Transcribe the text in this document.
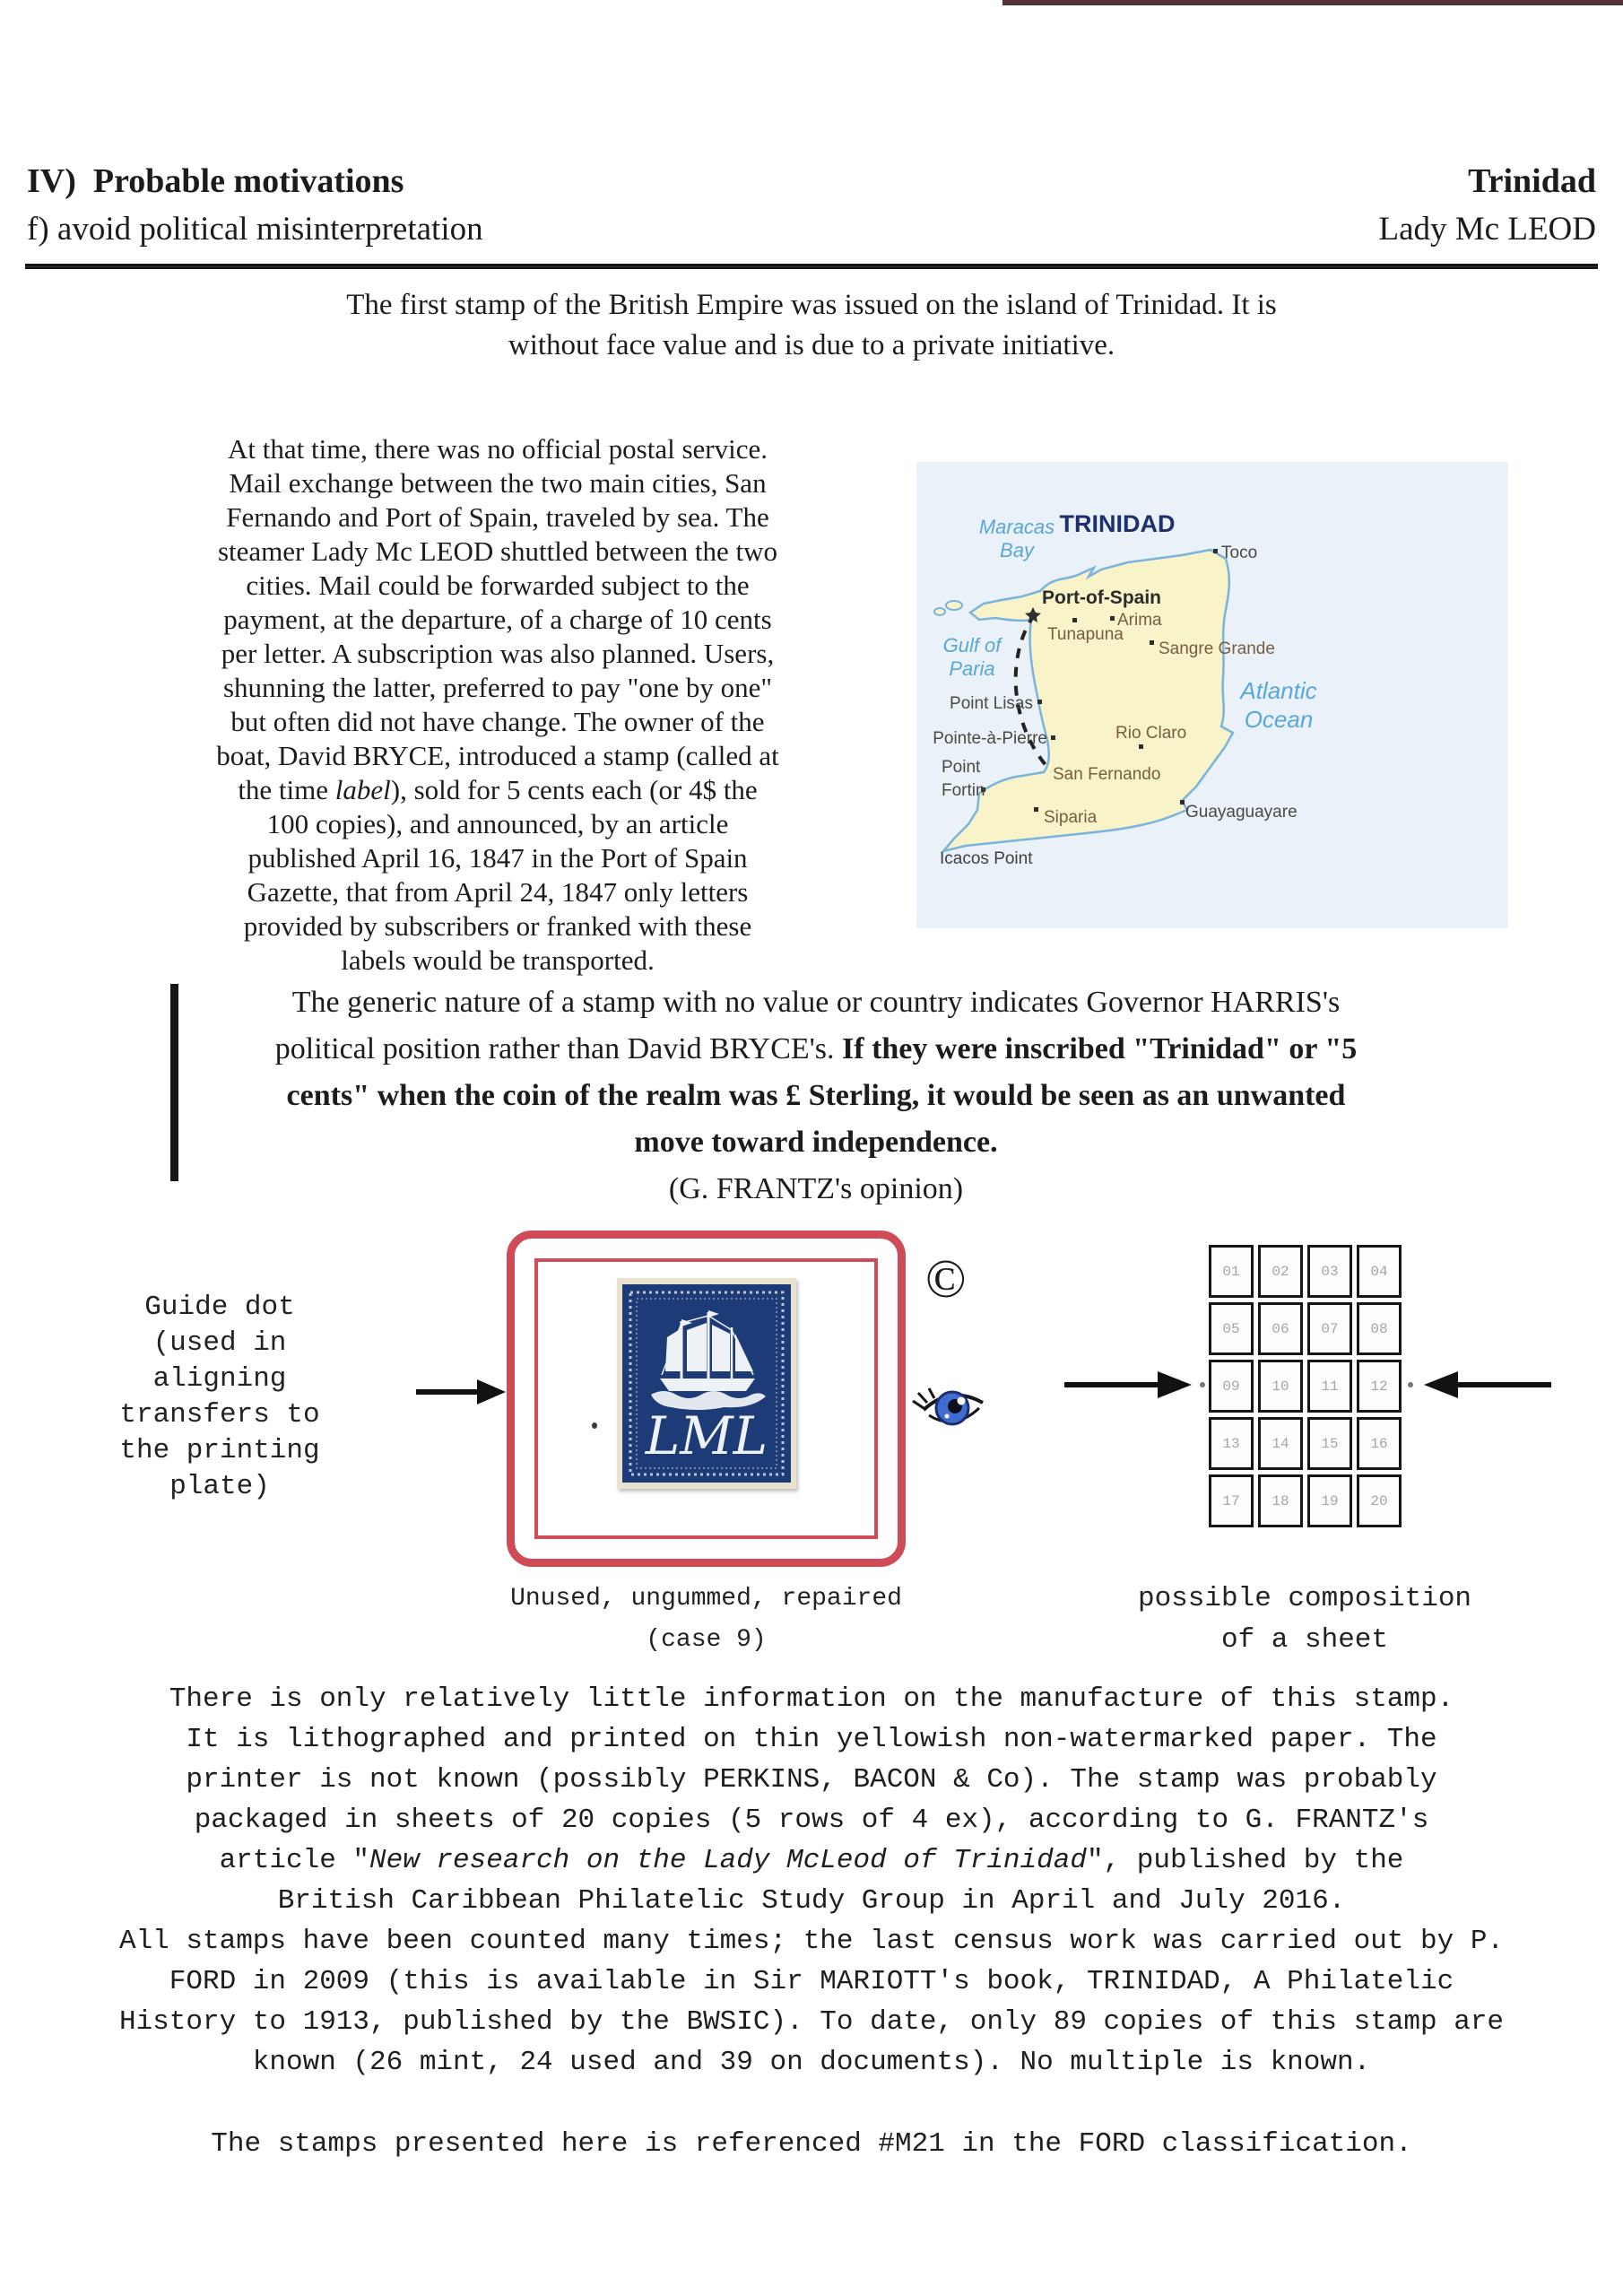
IV)  Probable motivations	Trinidad
f) avoid political misinterpretation	Lady Mc LEOD
The first stamp of the British Empire was issued on the island of Trinidad. It is
without face value and is due to a private initiative.
At that time, there was no official postal service.
Mail exchange between the two main cities, San
Fernando and Port of Spain, traveled by sea. The
steamer Lady Mc LEOD shuttled between the two
cities. Mail could be forwarded subject to the
payment, at the departure, of a charge of 10 cents
per letter. A subscription was also planned. Users,
shunning the latter, preferred to pay "one by one"
but often did not have change. The owner of the
boat, David BRYCE, introduced a stamp (called at
the time label), sold for 5 cents each (or 4$ the
100 copies), and announced, by an article
published April 16, 1847 in the Port of Spain
Gazette, that from April 24, 1847 only letters
provided by subscribers or franked with these
labels would be transported.
Maracas
Bay
Gulf of
Paria
Atlantic
Ocean
TRINIDAD
Toco
Port-of-Spain
Tunapuna
Arima
Sangre Grande
Point Lisas
Pointe-à-Pierre	Rio Claro
Point
Fortin
San Fernando
Siparia	Guayaguayare
Icacos Point
The generic nature of a stamp with no value or country indicates Governor HARRIS's
political position rather than David BRYCE's. If they were inscribed "Trinidad" or "5
cents" when the coin of the realm was £ Sterling, it would be seen as an unwanted
move toward independence.
(G. FRANTZ's opinion)
Guide dot
(used in
aligning
transfers to
the printing
plate)
LML
©
Unused, ungummed, repaired
(case 9)
01	02	03	04
05	06	07	08
09	10	11	12
13	14	15	16
17	18	19	20
possible composition
of a sheet
There is only relatively little information on the manufacture of this stamp.
It is lithographed and printed on thin yellowish non-watermarked paper. The
printer is not known (possibly PERKINS, BACON & Co). The stamp was probably
packaged in sheets of 20 copies (5 rows of 4 ex), according to G. FRANTZ's
article "New research on the Lady McLeod of Trinidad", published by the
British Caribbean Philatelic Study Group in April and July 2016.
All stamps have been counted many times; the last census work was carried out by P.
FORD in 2009 (this is available in Sir MARIOTT's book, TRINIDAD, A Philatelic
History to 1913, published by the BWSIC). To date, only 89 copies of this stamp are
known (26 mint, 24 used and 39 on documents). No multiple is known.
The stamps presented here is referenced #M21 in the FORD classification.
